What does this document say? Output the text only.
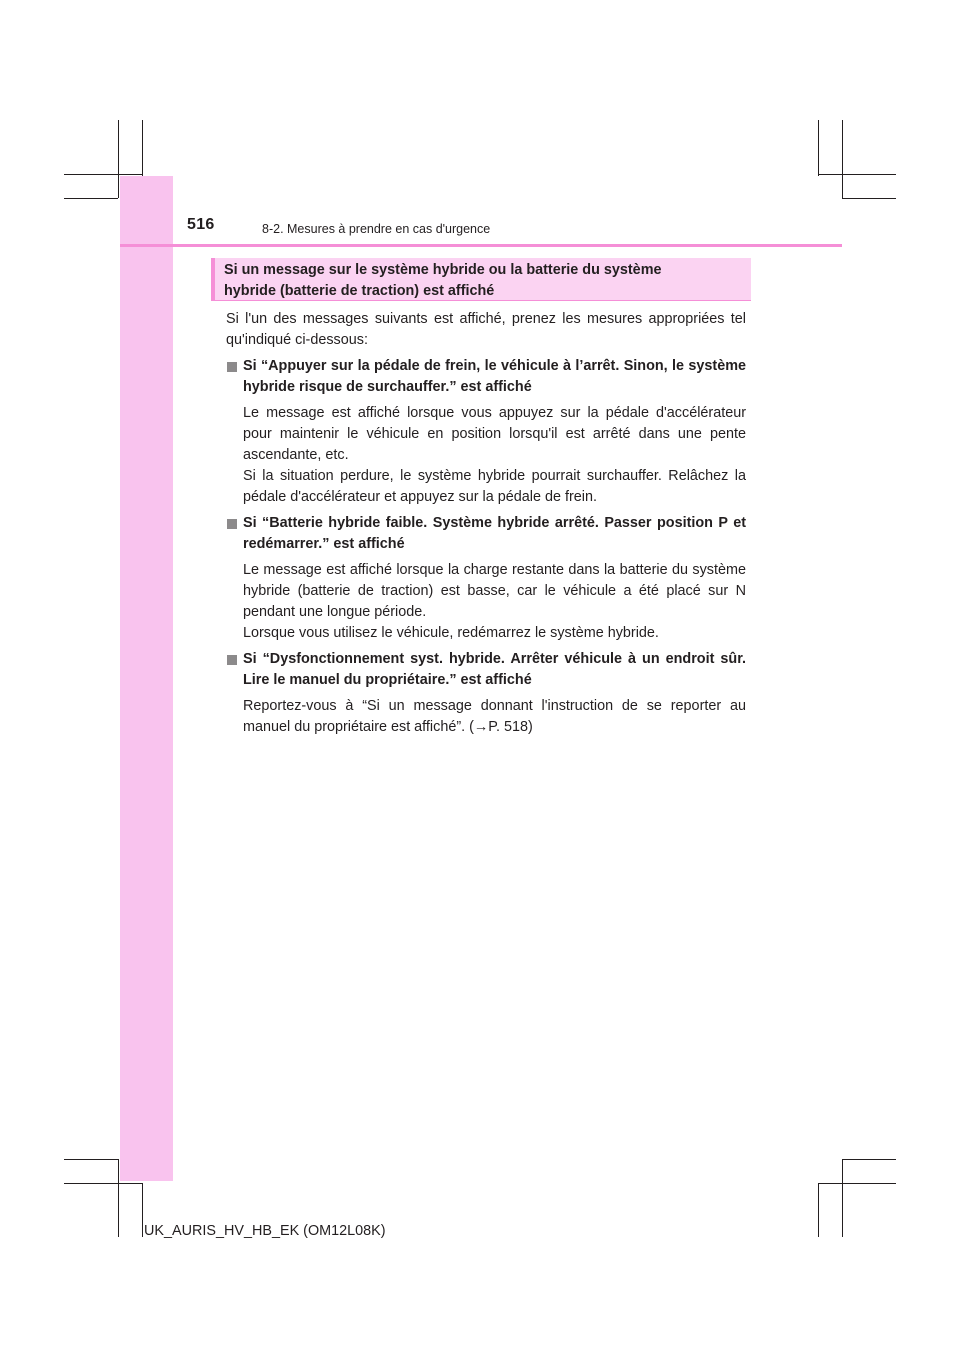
516	8-2. Mesures à prendre en cas d'urgence
Si un message sur le système hybride ou la batterie du système
hybride (batterie de traction) est affiché

Si l'un des messages suivants est affiché, prenez les mesures appropriées tel qu'indiqué ci-dessous:

Si “Appuyer sur la pédale de frein, le véhicule à l’arrêt. Sinon, le système hybride risque de surchauffer.” est affiché

Le message est affiché lorsque vous appuyez sur la pédale d'accélérateur pour maintenir le véhicule en position lorsqu'il est arrêté dans une pente ascendante, etc.

Si la situation perdure, le système hybride pourrait surchauffer. Relâchez la pédale d'accélérateur et appuyez sur la pédale de frein.

Si “Batterie hybride faible. Système hybride arrêté. Passer position P et redémarrer.” est affiché

Le message est affiché lorsque la charge restante dans la batterie du système hybride (batterie de traction) est basse, car le véhicule a été placé sur N pendant une longue période.

Lorsque vous utilisez le véhicule, redémarrez le système hybride.

Si “Dysfonctionnement syst. hybride. Arrêter véhicule à un endroit sûr. Lire le manuel du propriétaire.” est affiché

Reportez-vous à “Si un message donnant l'instruction de se reporter au manuel du propriétaire est affiché”. (→P. 518)

UK_AURIS_HV_HB_EK (OM12L08K)
